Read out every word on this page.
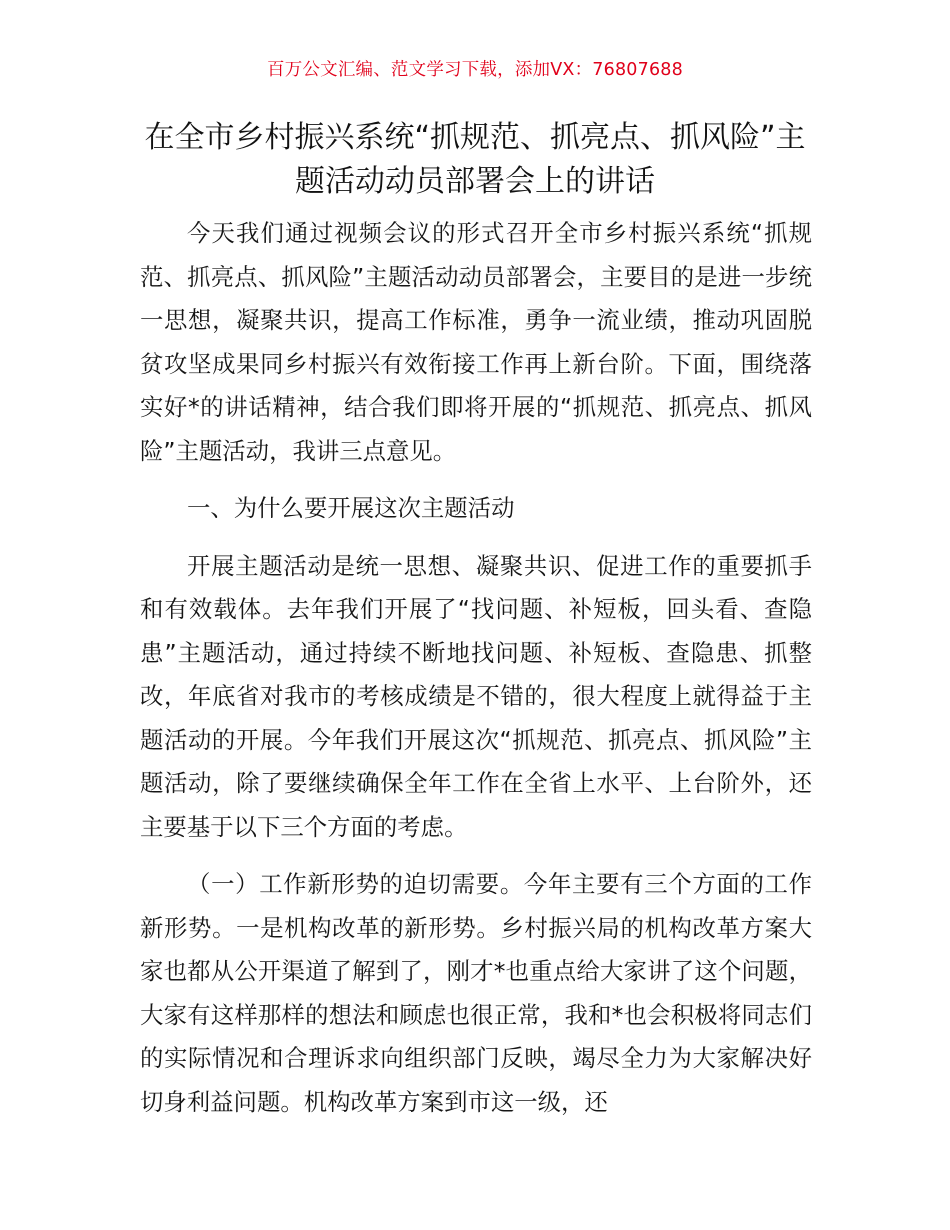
百万公文汇编、范文学习下载，添加VX：76807688
在全市乡村振兴系统“抓规范、抓亮点、抓风险”主题活动动员部署会上的讲话

今天我们通过视频会议的形式召开全市乡村振兴系统“抓规范、抓亮点、抓风险”主题活动动员部署会，主要目的是进一步统一思想，凝聚共识，提高工作标准，勇争一流业绩，推动巩固脱贫攻坚成果同乡村振兴有效衔接工作再上新台阶。下面，围绕落实好*的讲话精神，结合我们即将开展的“抓规范、抓亮点、抓风险”主题活动，我讲三点意见。

一、为什么要开展这次主题活动

开展主题活动是统一思想、凝聚共识、促进工作的重要抓手和有效载体。去年我们开展了“找问题、补短板，回头看、查隐患”主题活动，通过持续不断地找问题、补短板、查隐患、抓整改，年底省对我市的考核成绩是不错的，很大程度上就得益于主题活动的开展。今年我们开展这次“抓规范、抓亮点、抓风险”主题活动，除了要继续确保全年工作在全省上水平、上台阶外，还主要基于以下三个方面的考虑。

（一）工作新形势的迫切需要。今年主要有三个方面的工作新形势。一是机构改革的新形势。乡村振兴局的机构改革方案大家也都从公开渠道了解到了，刚才*也重点给大家讲了这个问题，大家有这样那样的想法和顾虑也很正常，我和*也会积极将同志们的实际情况和合理诉求向组织部门反映，竭尽全力为大家解决好切身利益问题。机构改革方案到市这一级，还
